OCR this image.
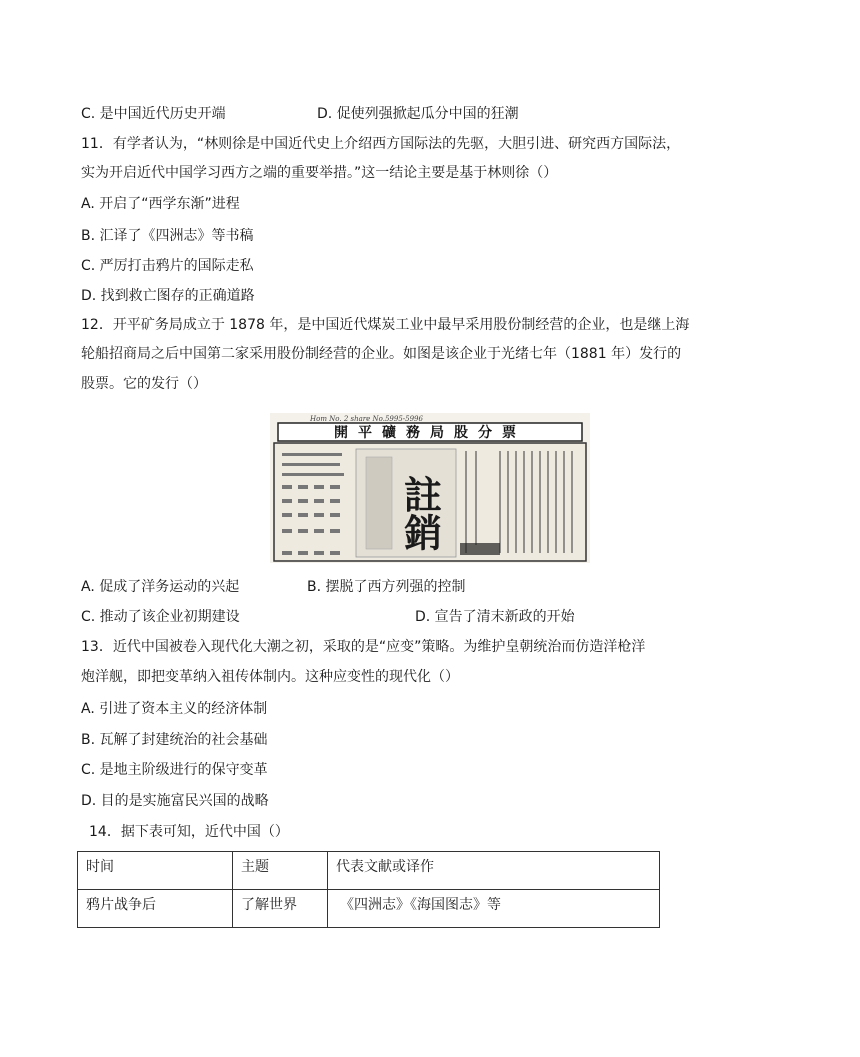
C. 是中国近代历史开端	D. 促使列强掀起瓜分中国的狂潮
11．有学者认为，“林则徐是中国近代史上介绍西方国际法的先驱，大胆引进、研究西方国际法，
实为开启近代中国学习西方之端的重要举措。”这一结论主要是基于林则徐（）
A. 开启了“西学东渐”进程
B. 汇译了《四洲志》等书稿
C. 严厉打击鸦片的国际走私
D. 找到救亡图存的正确道路
12．开平矿务局成立于 1878 年，是中国近代煤炭工业中最早采用股份制经营的企业，也是继上海
轮船招商局之后中国第二家采用股份制经营的企业。如图是该企业于光绪七年（1881 年）发行的
股票。它的发行（）
Hom No. 2 share No.5995-5996
開平礦務局股分票
註銷
A. 促成了洋务运动的兴起	B. 摆脱了西方列强的控制
C. 推动了该企业初期建设	D. 宣告了清末新政的开始
13．近代中国被卷入现代化大潮之初，采取的是“应变”策略。为维护皇朝统治而仿造洋枪洋
炮洋舰，即把变革纳入祖传体制内。这种应变性的现代化（）
A. 引进了资本主义的经济体制
B. 瓦解了封建统治的社会基础
C. 是地主阶级进行的保守变革
D. 目的是实施富民兴国的战略
14．据下表可知，近代中国（）
时间	主题	代表文献或译作
鸦片战争后	了解世界	《四洲志》《海国图志》等
